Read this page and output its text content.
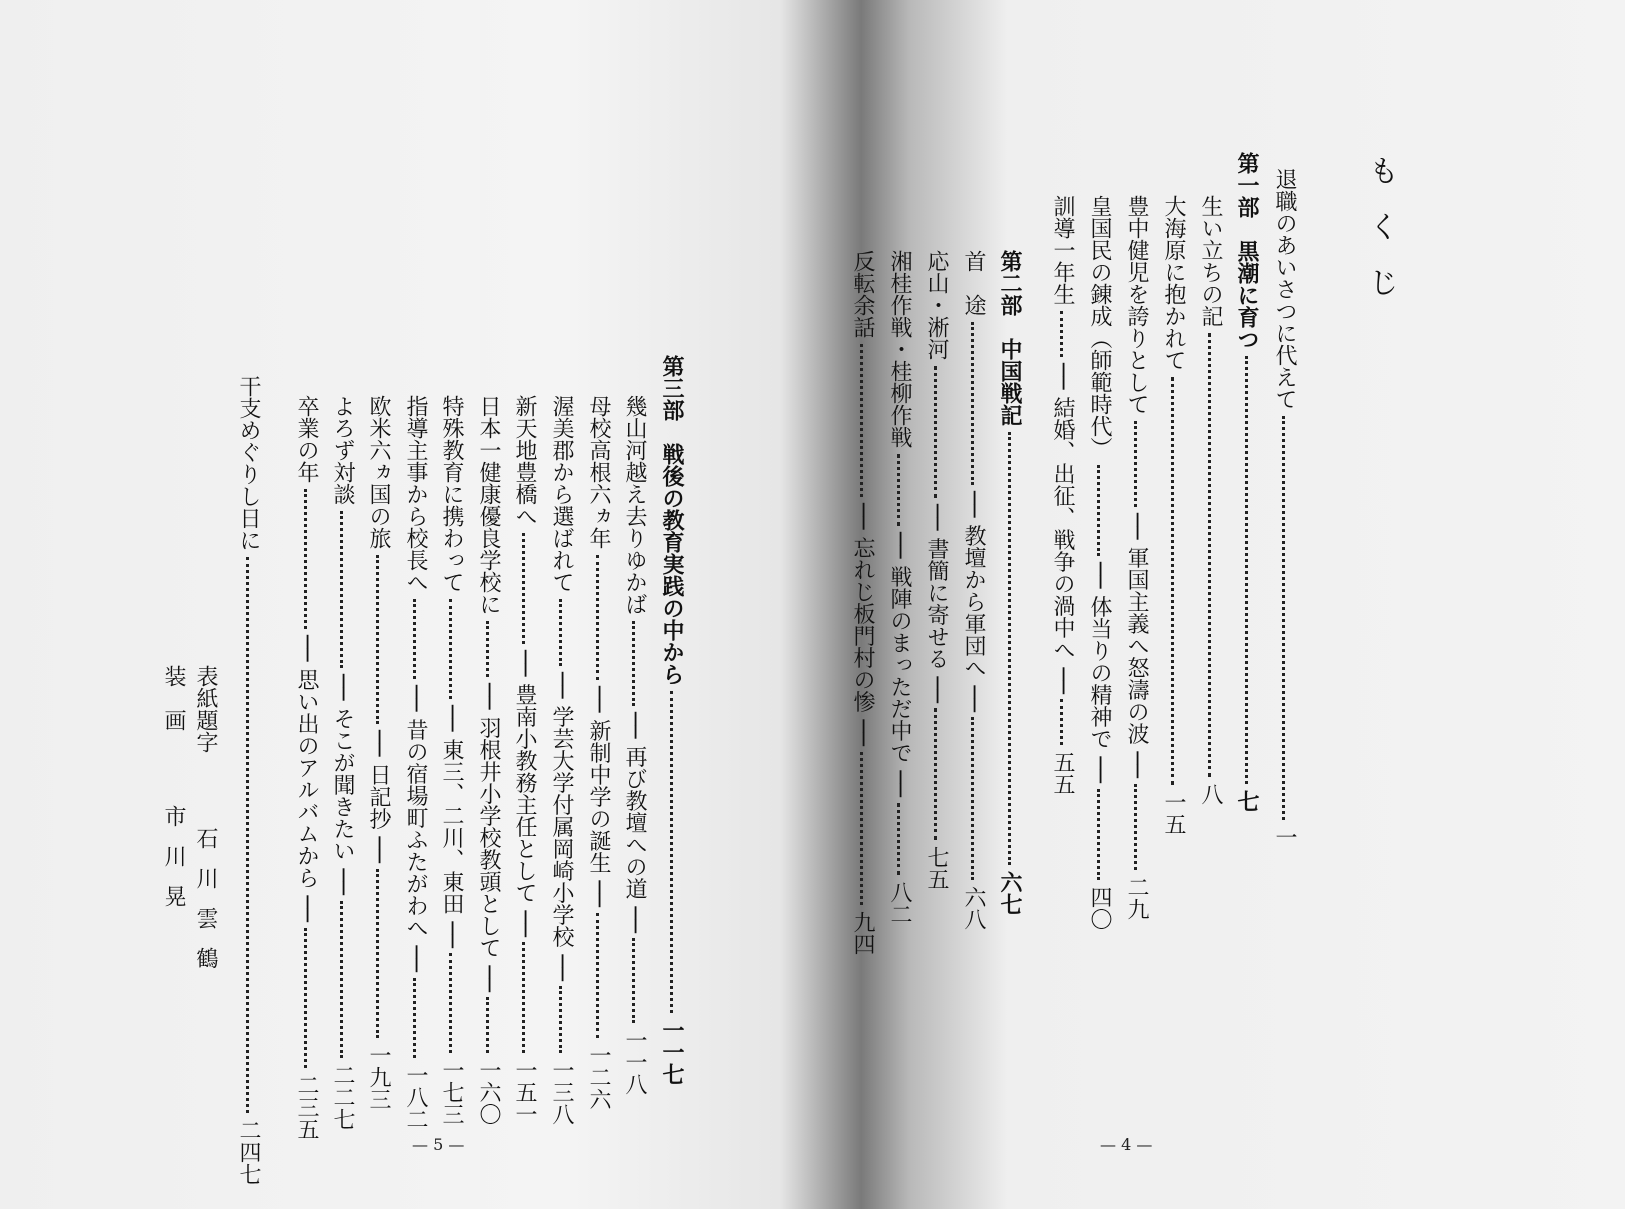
もくじ
退職のあいさつに代えて
一
第一部　黒潮に育つ
七
生い立ちの記
八
大海原に抱かれて
一五
豊中健児を誇りとして
── 軍国主義へ怒濤の波 ──
二九
皇国民の錬成（師範時代）
── 体当りの精神で ──
四〇
訓導一年生
── 結婚、出征、戦争の渦中へ ──
五五
第二部　中国戦記
六七
首　途
── 教壇から軍団へ ──
六八
応山・淅河
── 書簡に寄せる ──
七五
湘桂作戦・桂柳作戦
── 戦陣のまっただ中で ──
八二
反転余話
── 忘れじ板門村の惨 ──
九四
— 4 —
第三部　戦後の教育実践の中から
一一七
幾山河越え去りゆかば
── 再び教壇への道 ──
一一八
母校高根六ヵ年
── 新制中学の誕生 ──
一二六
渥美郡から選ばれて
── 学芸大学付属岡崎小学校 ──
一三八
新天地豊橋へ
── 豊南小教務主任として ──
一五一
日本一健康優良学校に
── 羽根井小学校教頭として ──
一六〇
特殊教育に携わって
── 東三、二川、東田 ──
一七三
指導主事から校長へ
── 昔の宿場町ふたがわへ ──
一八二
欧米六ヵ国の旅
── 日記抄 ──
一九三
よろず対談
── そこが聞きたい ──
二二七
卒業の年
── 思い出のアルバムから ──
二三五
干支めぐりし日に
二四七
表紙題字  石川雲鶴
装　画  市川晃
— 5 —
